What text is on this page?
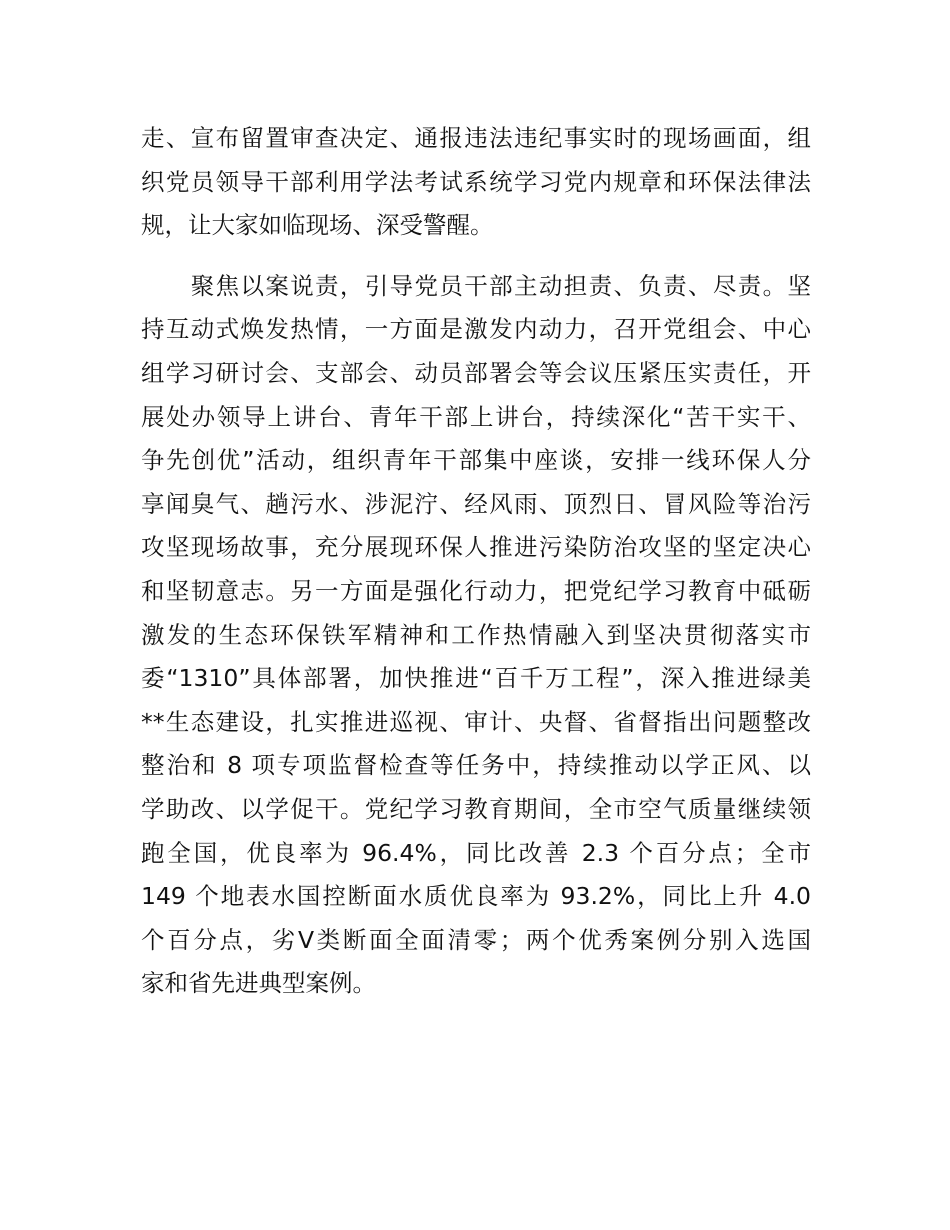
走、宣布留置审查决定、通报违法违纪事实时的现场画面，组
织党员领导干部利用学法考试系统学习党内规章和环保法律法
规，让大家如临现场、深受警醒。

　　聚焦以案说责，引导党员干部主动担责、负责、尽责。坚
持互动式焕发热情，一方面是激发内动力，召开党组会、中心
组学习研讨会、支部会、动员部署会等会议压紧压实责任，开
展处办领导上讲台、青年干部上讲台，持续深化“苦干实干、
争先创优”活动，组织青年干部集中座谈，安排一线环保人分
享闻臭气、趟污水、涉泥泞、经风雨、顶烈日、冒风险等治污
攻坚现场故事，充分展现环保人推进污染防治攻坚的坚定决心
和坚韧意志。另一方面是强化行动力，把党纪学习教育中砥砺
激发的生态环保铁军精神和工作热情融入到坚决贯彻落实市
委“1310”具体部署，加快推进“百千万工程”，深入推进绿美
**生态建设，扎实推进巡视、审计、央督、省督指出问题整改
整治和 8 项专项监督检查等任务中，持续推动以学正风、以
学助改、以学促干。党纪学习教育期间，全市空气质量继续领
跑全国，优良率为 96.4%，同比改善 2.3 个百分点；全市
149 个地表水国控断面水质优良率为 93.2%，同比上升 4.0
个百分点，劣Ⅴ类断面全面清零；两个优秀案例分别入选国
家和省先进典型案例。
